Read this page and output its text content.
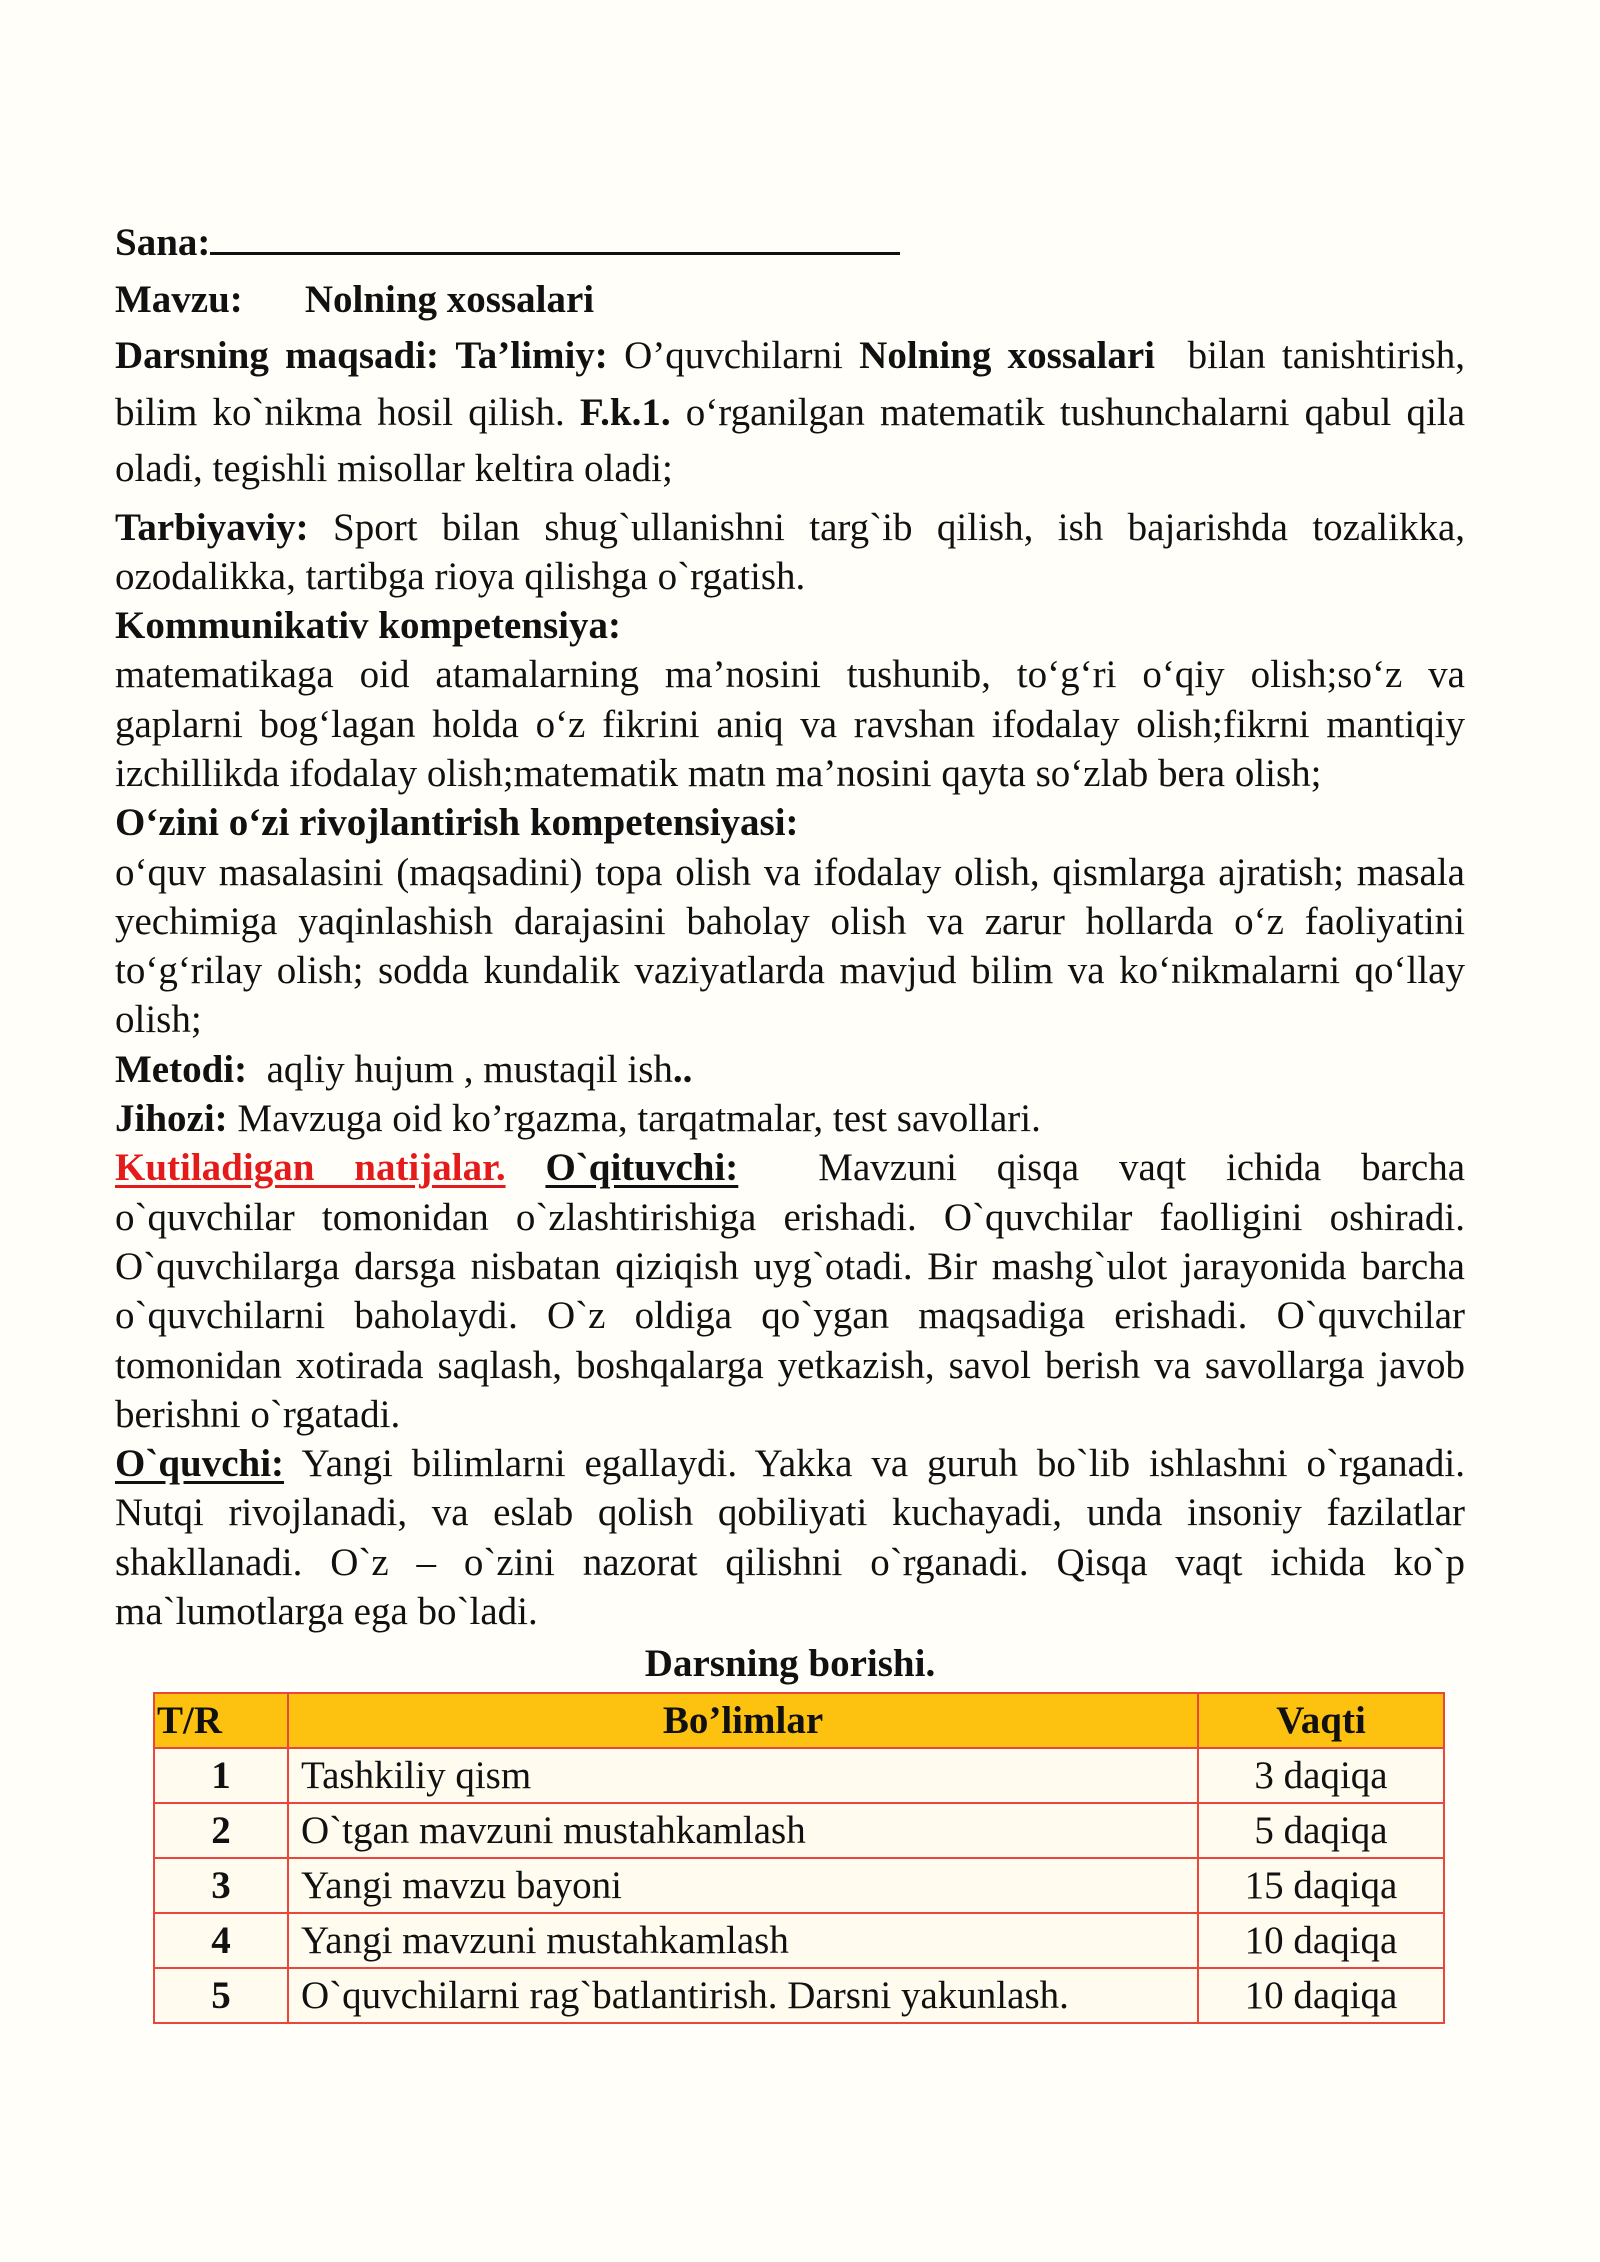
Sana:

Mavzu: Nolning xossalari

Darsning maqsadi: Ta’limiy: O’quvchilarni Nolning xossalari bilan tanishtirish, bilim ko`nikma hosil qilish. F.k.1. o‘rganilgan matematik tushunchalarni qabul qila oladi, tegishli misollar keltira oladi;

Tarbiyaviy: Sport bilan shug`ullanishni targ`ib qilish, ish bajarishda tozalikka, ozodalikka, tartibga rioya qilishga o`rgatish.

Kommunikativ kompetensiya:

matematikaga oid atamalarning ma’nosini tushunib, to‘g‘ri o‘qiy olish;so‘z va gaplarni bog‘lagan holda o‘z fikrini aniq va ravshan ifodalay olish;fikrni mantiqiy izchillikda ifodalay olish;matematik matn ma’nosini qayta so‘zlab bera olish;

O‘zini o‘zi rivojlantirish kompetensiyasi:

o‘quv masalasini (maqsadini) topa olish va ifodalay olish, qismlarga ajratish; masala yechimiga yaqinlashish darajasini baholay olish va zarur hollarda o‘z faoliyatini to‘g‘rilay olish; sodda kundalik vaziyatlarda mavjud bilim va ko‘nikmalarni qo‘llay olish;

Metodi: aqliy hujum , mustaqil ish..

Jihozi: Mavzuga oid ko’rgazma, tarqatmalar, test savollari.

Kutiladigan natijalar. O`qituvchi: Mavzuni qisqa vaqt ichida barcha o`quvchilar tomonidan o`zlashtirishiga erishadi. O`quvchilar faolligini oshiradi. O`quvchilarga darsga nisbatan qiziqish uyg`otadi. Bir mashg`ulot jarayonida barcha o`quvchilarni baholaydi. O`z oldiga qo`ygan maqsadiga erishadi. O`quvchilar tomonidan xotirada saqlash, boshqalarga yetkazish, savol berish va savollarga javob berishni o`rgatadi.

O`quvchi: Yangi bilimlarni egallaydi. Yakka va guruh bo`lib ishlashni o`rganadi. Nutqi rivojlanadi, va eslab qolish qobiliyati kuchayadi, unda insoniy fazilatlar shakllanadi. O`z – o`zini nazorat qilishni o`rganadi. Qisqa vaqt ichida ko`p ma`lumotlarga ega bo`ladi.

Darsning borishi.

T/R	Bo’limlar	Vaqti
1	Tashkiliy qism	3 daqiqa
2	O`tgan mavzuni mustahkamlash	5 daqiqa
3	Yangi mavzu bayoni	15 daqiqa
4	Yangi mavzuni mustahkamlash	10 daqiqa
5	O`quvchilarni rag`batlantirish. Darsni yakunlash.	10 daqiqa
